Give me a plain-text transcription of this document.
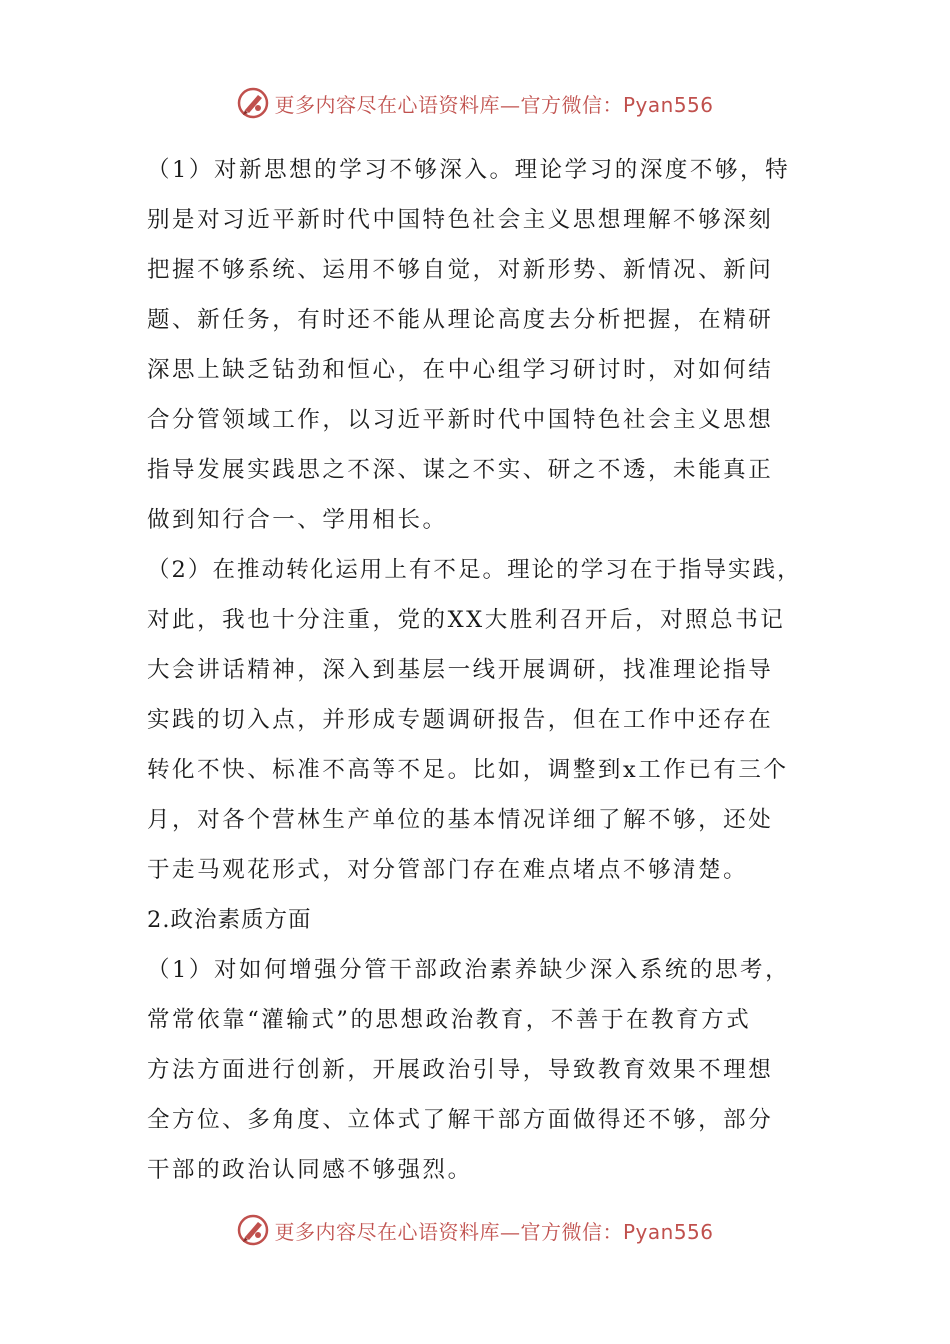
更多内容尽在心语资料库—官方微信：Pyan556
（1）对新思想的学习不够深入。理论学习的深度不够，特
别是对习近平新时代中国特色社会主义思想理解不够深刻
把握不够系统、运用不够自觉，对新形势、新情况、新问
题、新任务，有时还不能从理论高度去分析把握，在精研
深思上缺乏钻劲和恒心，在中心组学习研讨时，对如何结
合分管领域工作，以习近平新时代中国特色社会主义思想
指导发展实践思之不深、谋之不实、研之不透，未能真正
做到知行合一、学用相长。
（2）在推动转化运用上有不足。理论的学习在于指导实践，
对此，我也十分注重，党的XX大胜利召开后，对照总书记
大会讲话精神，深入到基层一线开展调研，找准理论指导
实践的切入点，并形成专题调研报告，但在工作中还存在
转化不快、标准不高等不足。比如，调整到x工作已有三个
月，对各个营林生产单位的基本情况详细了解不够，还处
于走马观花形式，对分管部门存在难点堵点不够清楚。
2.政治素质方面
（1）对如何增强分管干部政治素养缺少深入系统的思考，
常常依靠“灌输式”的思想政治教育，不善于在教育方式
方法方面进行创新，开展政治引导，导致教育效果不理想
全方位、多角度、立体式了解干部方面做得还不够，部分
干部的政治认同感不够强烈。
更多内容尽在心语资料库—官方微信：Pyan556
